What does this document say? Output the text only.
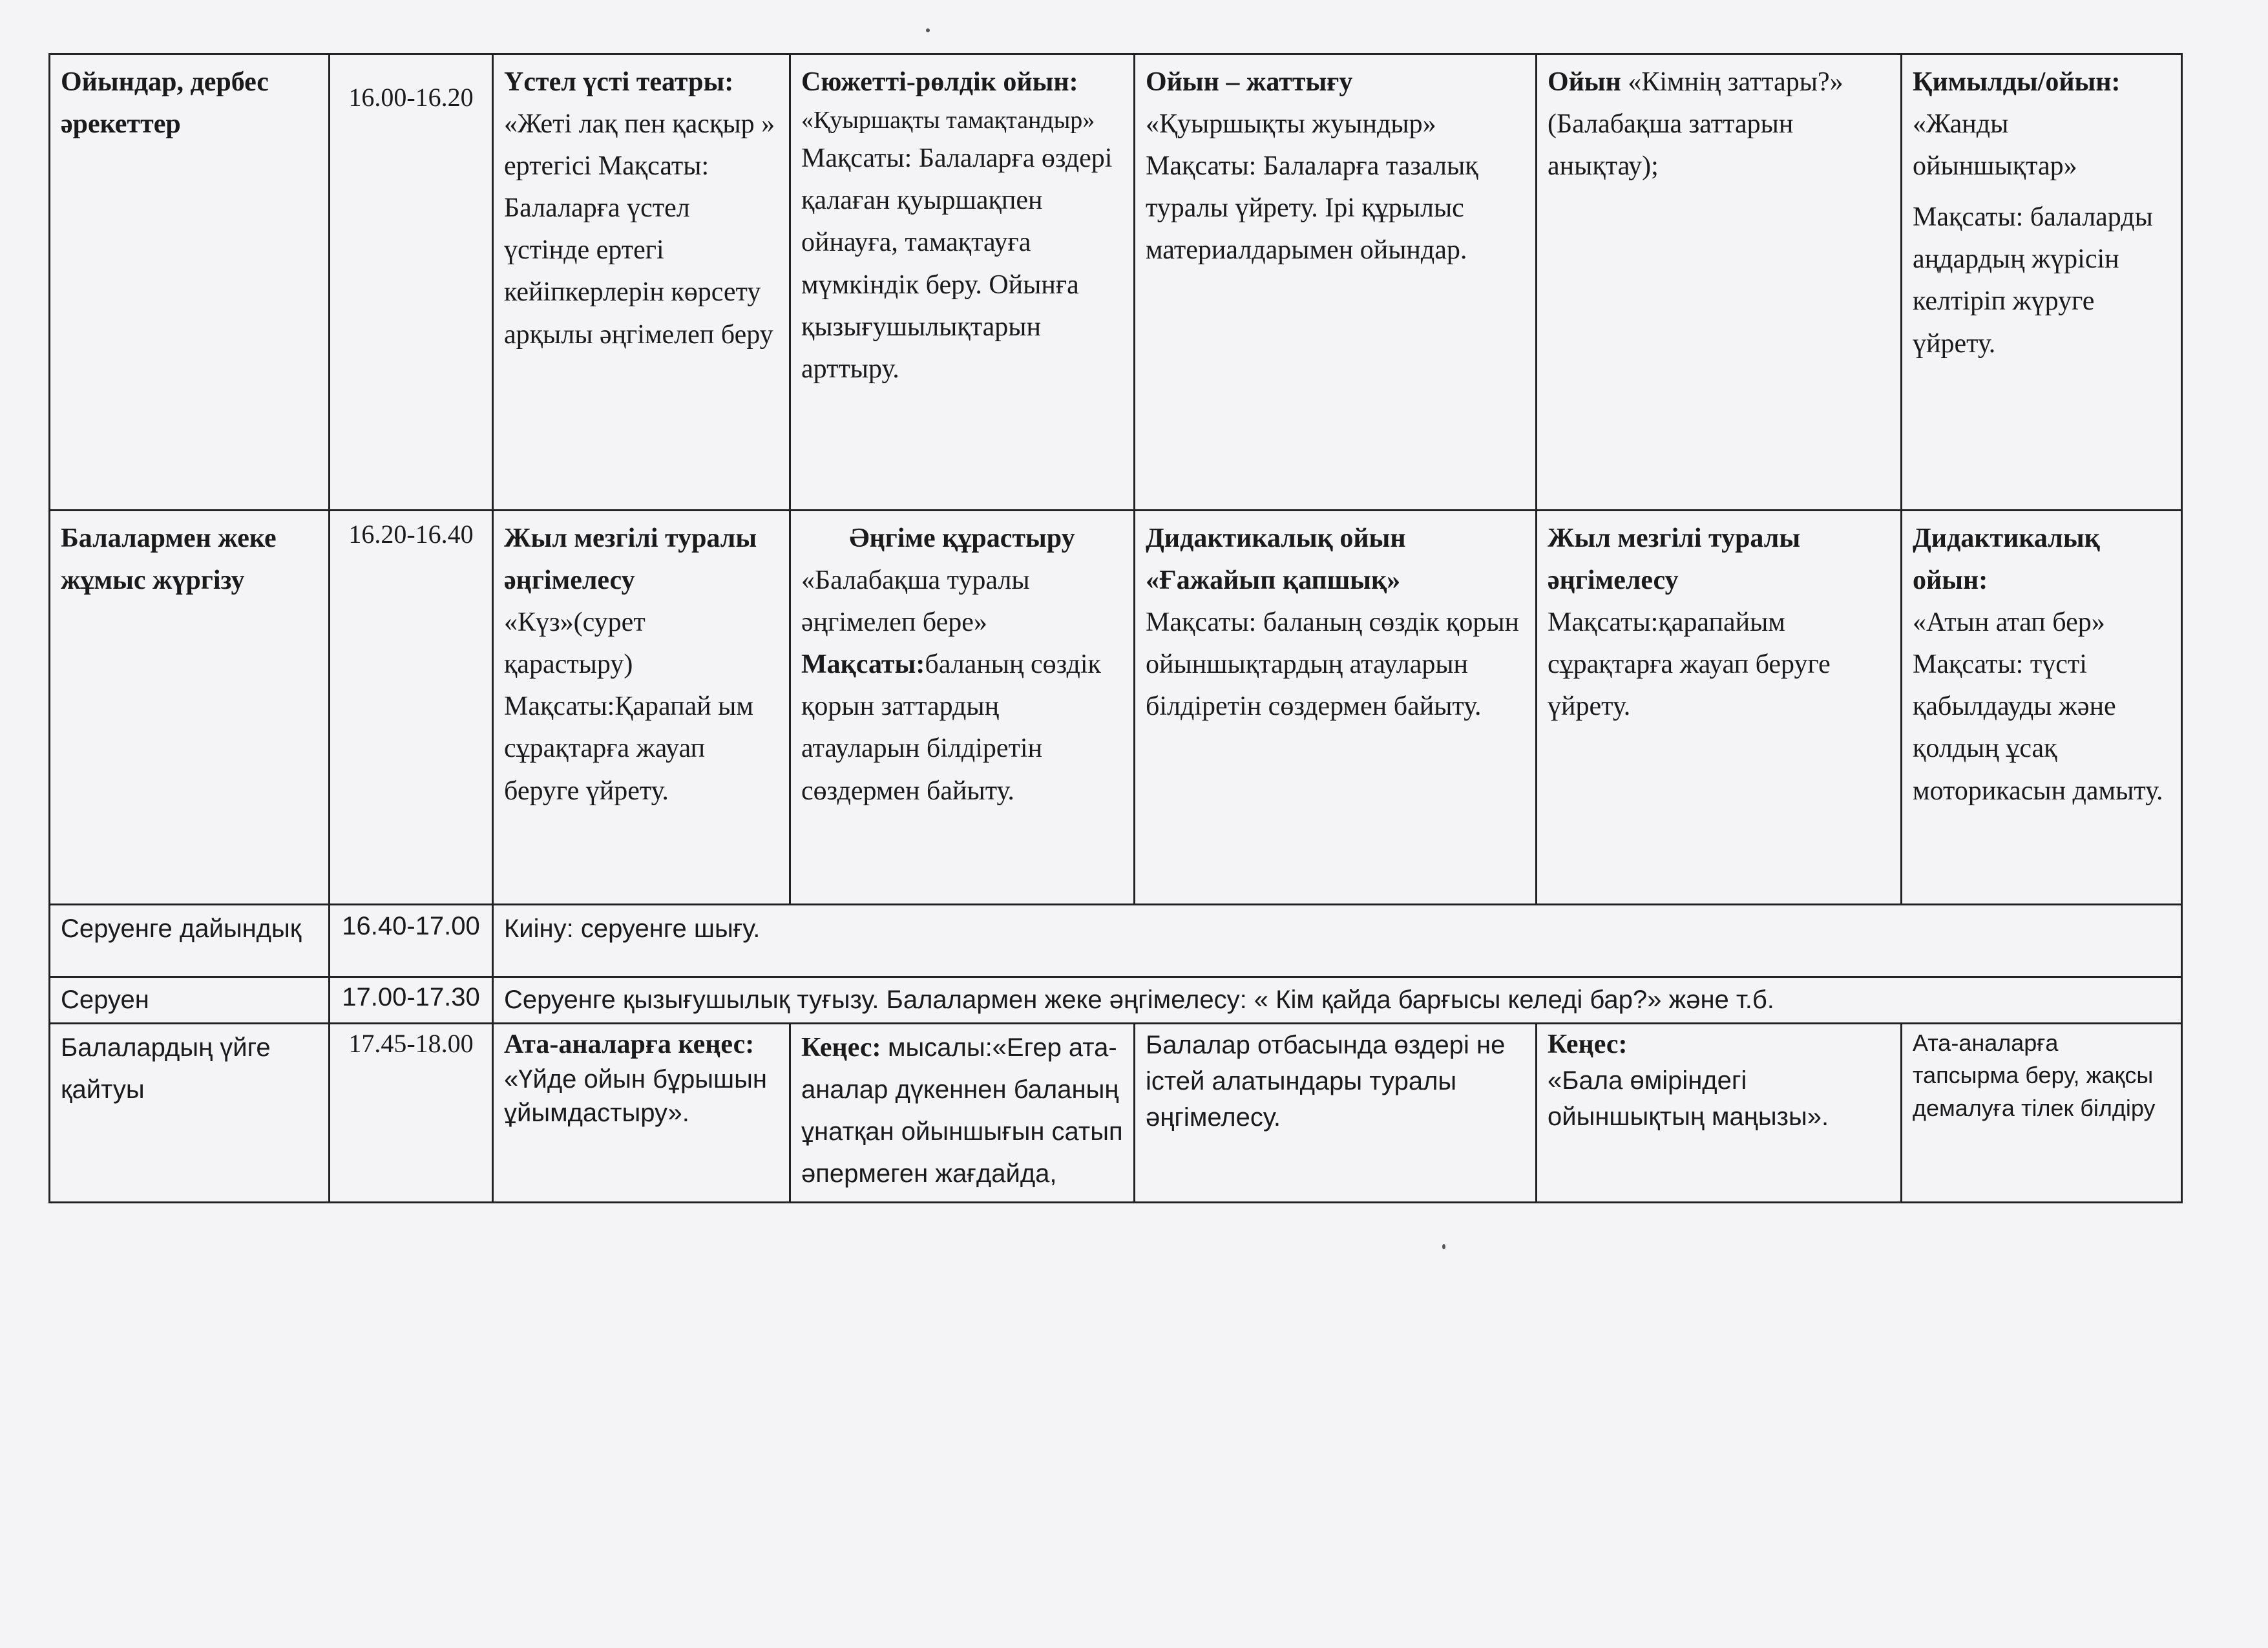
Ойындар, дербес әрекеттер	16.00-16.20	Үстел үсті театры:
«Жеті лақ пен қасқыр » ертегісі Мақсаты: Балаларға үстел үстінде ертегі кейіпкерлерін көрсету арқылы әңгімелеп беру	Сюжетті-рөлдік ойын:
«Қуыршақты тамақтандыр»
Мақсаты: Балаларға өздері қалаған қуыршақпен ойнауға, тамақтауға мүмкіндік беру. Ойынға қызығушылықтарын арттыру.	Ойын – жаттығу
«Қуыршықты жуындыр» Мақсаты: Балаларға тазалық туралы үйрету. Ірі құрылыс материалдарымен ойындар.	Ойын «Кімнің заттары?» (Балабақша заттарын анықтау);	Қимылды/ойын:
«Жанды ойыншықтар»
Мақсаты: балаларды аңдардың жүрісін келтіріп жүруге үйрету.

Балалармен жеке жұмыс жүргізу	16.20-16.40	Жыл мезгілі туралы әңгімелесу
«Күз»(сурет қарастыру) Мақсаты:Қарапай ым сұрақтарға жауап беруге үйрету.	Әңгіме құрастыру
«Балабақша туралы әңгімелеп бере»
Мақсаты:баланың сөздік қорын заттардың атауларын білдіретін сөздермен байыту.	Дидактикалық ойын «Ғажайып қапшық»
Мақсаты: баланың сөздік қорын ойыншықтардың атауларын білдіретін сөздермен байыту.	Жыл мезгілі туралы әңгімелесу
Мақсаты:қарапайым сұрақтарға жауап беруге үйрету.	Дидактикалық ойын:
«Атын атап бер» Мақсаты: түсті қабылдауды және қолдың ұсақ моторикасын дамыту.

Серуенге дайындық	16.40-17.00	Киіну: серуенге шығу.				
Серуен	17.00-17.30	Серуенге қызығушылық туғызу. Балалармен жеке әңгімелесу: « Кім қайда барғысы келеді бар?» және т.б.				
Балалардың үйге қайтуы	17.45-18.00	Ата-аналарға кеңес:
«Үйде ойын бұрышын ұйымдастыру».	Кеңес: мысалы:«Егер ата-аналар дүкеннен баланың ұнатқан ойыншығын сатып әпермеген жағдайда,	Балалар отбасында өздері не істей алатындары туралы әңгімелесу.	Кеңес:
«Бала өміріндегі ойыншықтың маңызы».	Ата-аналарға тапсырма беру, жақсы демалуға тілек білдіру
